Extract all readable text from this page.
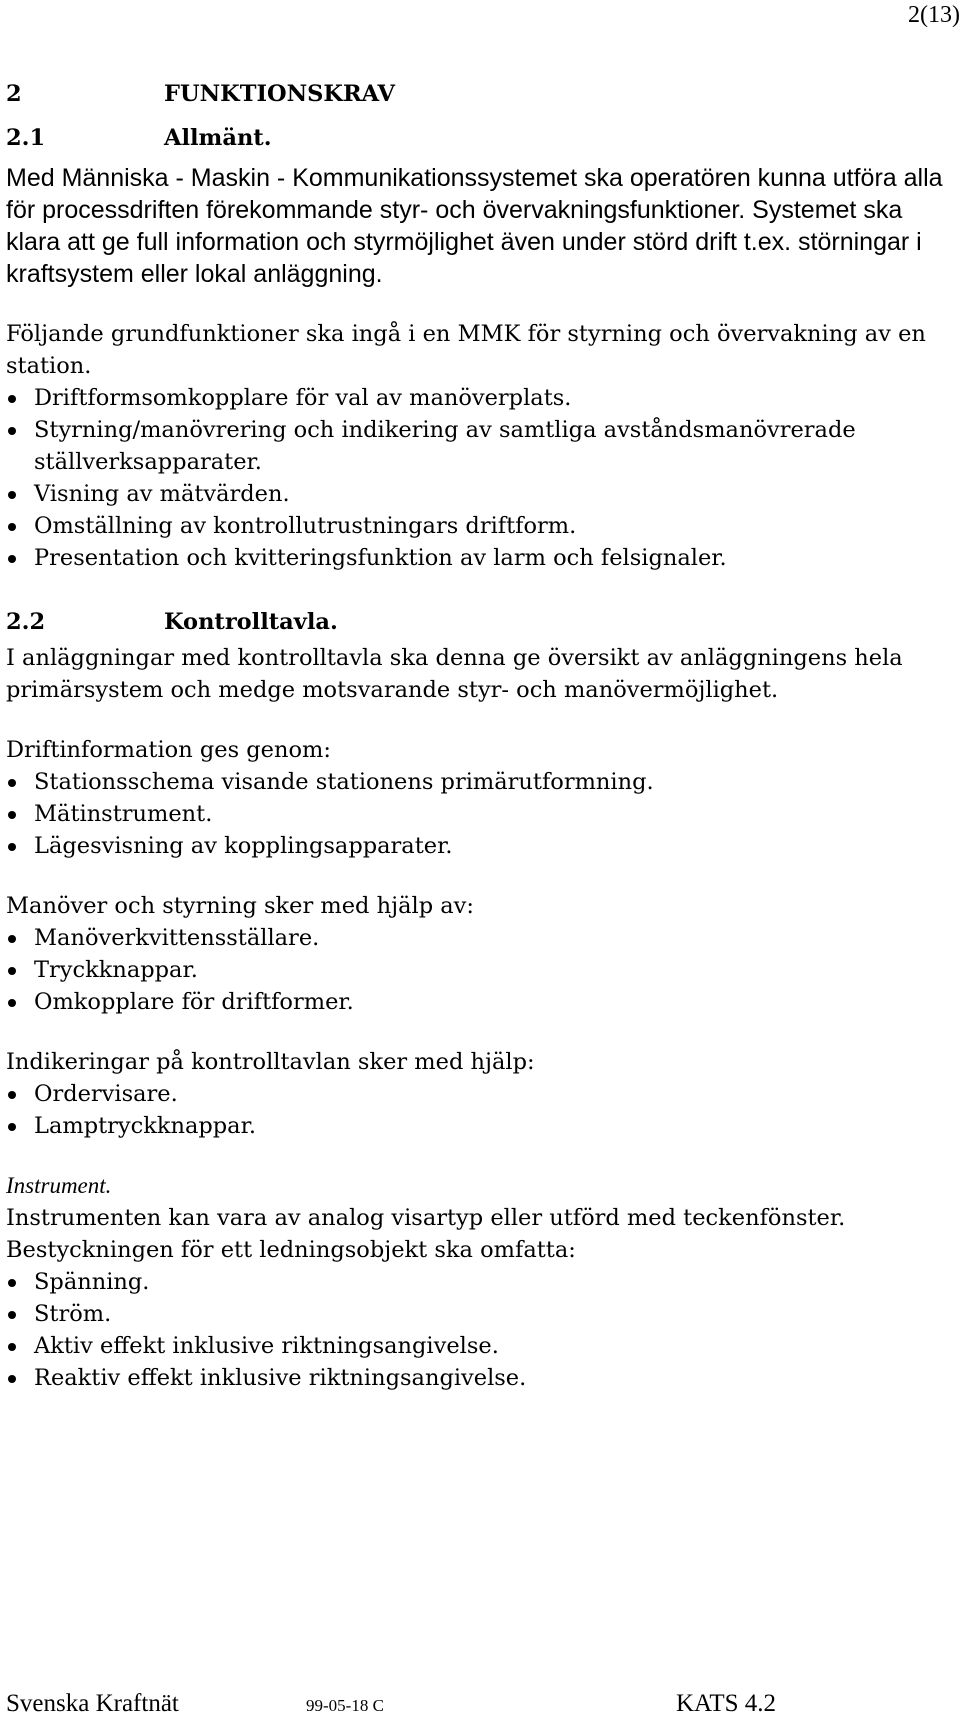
2(13)
2	FUNKTIONSKRAV
2.1	Allmänt.

Med Människa - Maskin - Kommunikationssystemet ska operatören kunna utföra alla för processdriften förekommande styr- och övervakningsfunktioner. Systemet ska klara att ge full information och styrmöjlighet även under störd drift t.ex. störningar i kraftsystem eller lokal anläggning.

Följande grundfunktioner ska ingå i en MMK för styrning och övervakning av en station.

Driftformsomkopplare för val av manöverplats.
Styrning/manövrering och indikering av samtliga avståndsmanövrerade ställverksapparater.
Visning av mätvärden.
Omställning av kontrollutrustningars driftform.
Presentation och kvitteringsfunktion av larm och felsignaler.
2.2	Kontrolltavla.

I anläggningar med kontrolltavla ska denna ge översikt av anläggningens hela primärsystem och medge motsvarande styr- och manövermöjlighet.

Driftinformation ges genom:

Stationsschema visande stationens primärutformning.
Mätinstrument.
Lägesvisning av kopplingsapparater.

Manöver och styrning sker med hjälp av:

Manöverkvittensställare.
Tryckknappar.
Omkopplare för driftformer.

Indikeringar på kontrolltavlan sker med hjälp:

Ordervisare.
Lamptryckknappar.

Instrument.

Instrumenten kan vara av analog visartyp eller utförd med teckenfönster.

Bestyckningen för ett ledningsobjekt ska omfatta:

Spänning.
Ström.
Aktiv effekt inklusive riktningsangivelse.
Reaktiv effekt inklusive riktningsangivelse.
Svenska Kraftnät	99-05-18 C	KATS 4.2
